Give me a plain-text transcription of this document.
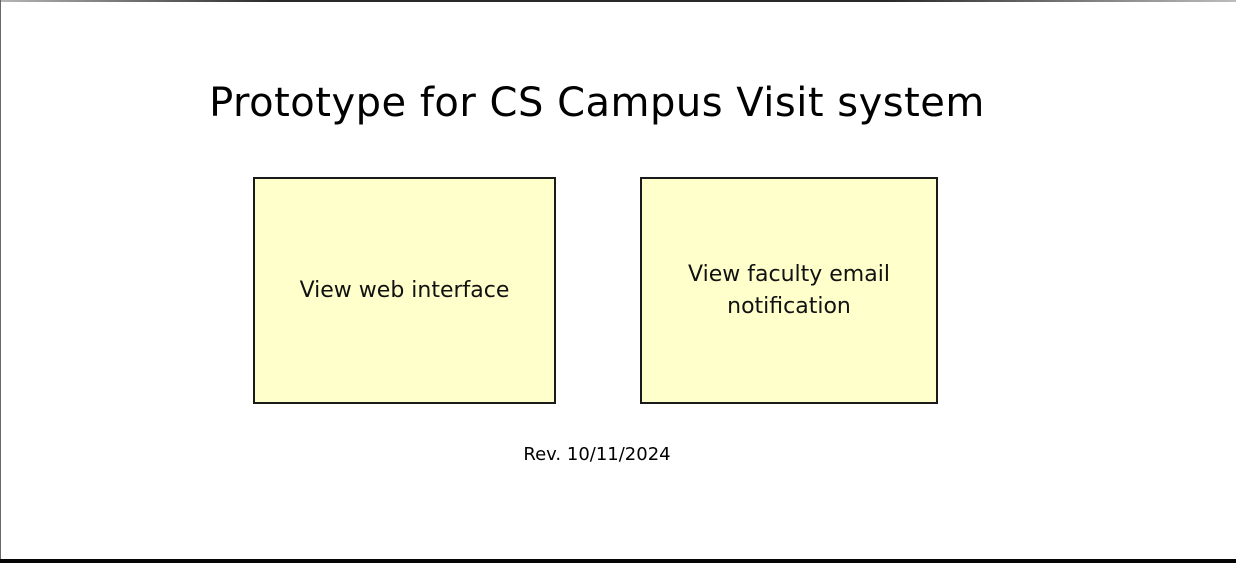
Prototype for CS Campus Visit system
View web interface
View faculty email notification
Rev. 10/11/2024
